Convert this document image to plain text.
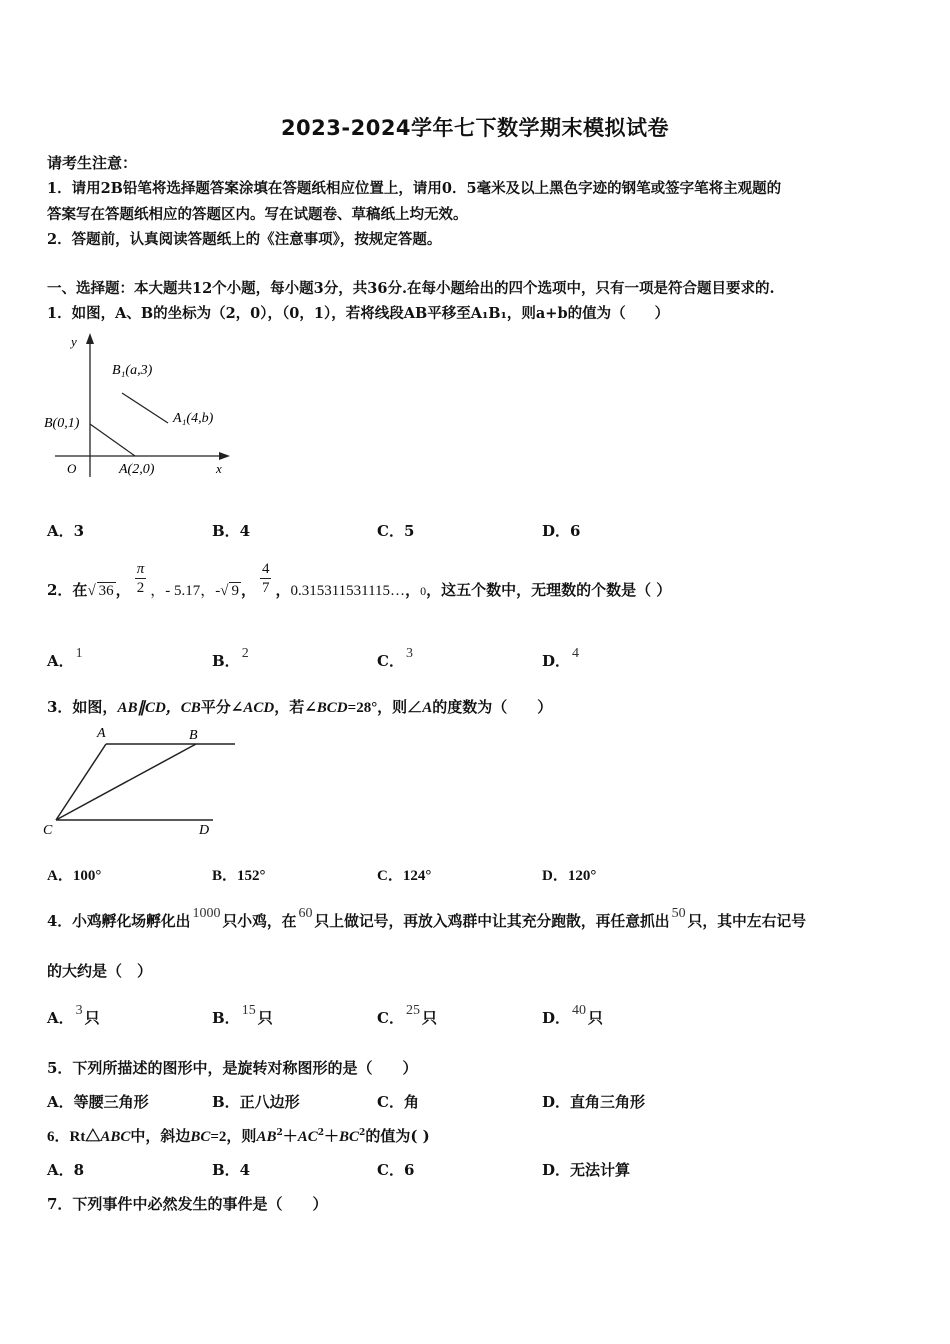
2023-2024学年七下数学期末模拟试卷
请考生注意：
1．请用2B铅笔将选择题答案涂填在答题纸相应位置上，请用0．5毫米及以上黑色字迹的钢笔或签字笔将主观题的
答案写在答题纸相应的答题区内。写在试题卷、草稿纸上均无效。
2．答题前，认真阅读答题纸上的《注意事项》，按规定答题。
一、选择题：本大题共12个小题，每小题3分，共36分.在每小题给出的四个选项中，只有一项是符合题目要求的.
1．如图，A、B的坐标为（2，0），（0，1），若将线段AB平移至A₁B₁，则a+b的值为（　　）
y
x
O
B(0,1)
A(2,0)
B₁(a,3)
A₁(4,b)
A．3	B．4	C．5	D．6
2．在√ 36 ， $\frac{\pi}{2}$ ，- 5.17，-√ 9 ， $\frac{4}{7}$ ，0.315311531115…，$_0$，这五个数中，无理数的个数是（ ）
A． 1	B． 2	C． 3	D． 4
3．如图，AB∥CD，CB平分∠ACD，若∠BCD=28°，则∠A的度数为（　　）
A	B
C	D
A．100°	B．152°	C．124°	D．120°
4．小鸡孵化场孵化出 1000 只小鸡，在 60 只上做记号，再放入鸡群中让其充分跑散，再任意抓出 50 只，其中左右记号
的大约是（　）
A． 3 只	B． 15 只	C． 25 只	D． 40 只
5．下列所描述的图形中，是旋转对称图形的是（　　）
A．等腰三角形	B．正八边形	C．角	D．直角三角形
6．Rt△ABC中，斜边BC=2，则$AB^2+AC^2+BC^2$的值为( )
A．8	B．4	C．6	D．无法计算
7．下列事件中必然发生的事件是（　　）
